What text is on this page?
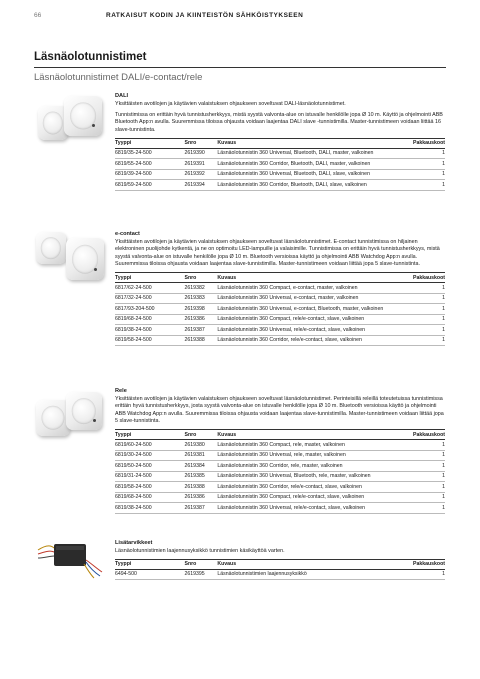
66	RATKAISUT KODIN JA KIINTEISTÖN SÄHKÖISTYKSEEN
Läsnäolotunnistimet
Läsnäolotunnistimet DALI/e-contact/rele
DALI

Yksittäisten avotilojen ja käytävien valaistuksen ohjaukseen soveltuvat DALI-läsnäolotunnistimet.

Tunnistimissa on erittäin hyvä tunnistusherkkyys, mistä syystä valvonta-alue on istuvalle henkilölle jopa Ø 10 m. Käyttö ja ohjelmointi ABB Bluetooth App:n avulla. Suuremmissa tiloissa ohjausta voidaan laajentaa DALI slave -tunnistimilla. Master-tunnistimeen voidaan liittää 16 slave-tunnistinta.

Tyyppi	Snro	Kuvaus	Pakkauskoot
6819/35-24-500	2619390	Läsnäolotunnistin 360 Universal, Bluetooth, DALI, master, valkoinen	1
6819/55-24-500	2619391	Läsnäolotunnistin 360 Corridor, Bluetooth, DALI, master, valkoinen	1
6819/39-24-500	2619392	Läsnäolotunnistin 360 Universal, Bluetooth, DALI, slave, valkoinen	1
6819/59-24-500	2619394	Läsnäolotunnistin 360 Corridor, Bluetooth, DALI, slave, valkoinen	1
e-contact

Yksittäisten avotilojen ja käytävien valaistuksen ohjaukseen soveltuvat läsnäolotunnistimet. E-contact tunnistimissa on hiljainen elektroninen puolijohde kytkentä, ja ne on optimoitu LED-lampuille ja valaisimille. Tunnistimissa on erittäin hyvä tunnistusherkkyys, mistä syystä valvonta-alue on istuvalle henkilölle jopa Ø 10 m. Bluetooth versioissa käyttö ja ohjelmointi ABB Watchdog App:n avulla. Suuremmissa tiloissa ohjausta voidaan laajentaa slave-tunnistimilla. Master-tunnistimeen voidaan liittää jopa 5 slave-tunnistinta.

Tyyppi	Snro	Kuvaus	Pakkauskoot
6817/62-24-500	2619382	Läsnäolotunnistin 360 Compact, e-contact, master, valkoinen	1
6817/32-24-500	2619383	Läsnäolotunnistin 360 Universal, e-contact, master, valkoinen	1
6817/93-204-500	2619398	Läsnäolotunnistin 360 Universal, e-contact, Bluetooth, master, valkoinen	1
6819/68-24-500	2619386	Läsnäolotunnistin 360 Compact, rele/e-contact, slave, valkoinen	1
6819/38-24-500	2619387	Läsnäolotunnistin 360 Universal, rele/e-contact, slave, valkoinen	1
6819/58-24-500	2619388	Läsnäolotunnistin 360 Corridor, rele/e-contact, slave, valkoinen	1
Rele

Yksittäisten avotilojen ja käytävien valaistuksen ohjaukseen soveltuvat läsnäolotunnistimet. Perinteisillä releillä toteutetuissa tunnistimissa erittäin hyvä tunnistusherkkyys, josta syystä valvonta-alue on istuvalle henkilölle jopa Ø 10 m. Bluetooth versioissa käyttö ja ohjelmointi ABB Watchdog App:n avulla. Suuremmissa tiloissa ohjausta voidaan laajentaa slave-tunnistimilla. Master-tunnistimeen voidaan liittää jopa 5 slave-tunnistinta.

Tyyppi	Snro	Kuvaus	Pakkauskoot
6819/60-24-500	2619380	Läsnäolotunnistin 360 Compact, rele, master, valkoinen	1
6819/30-24-500	2619381	Läsnäolotunnistin 360 Universal, rele, master, valkoinen	1
6819/50-24-500	2619384	Läsnäolotunnistin 360 Corridor, rele, master, valkoinen	1
6819/31-24-500	2619385	Läsnäolotunnistin 360 Universal, Bluetooth, rele, master, valkoinen	1
6819/58-24-500	2619388	Läsnäolotunnistin 360 Corridor, rele/e-contact, slave, valkoinen	1
6819/68-24-500	2619386	Läsnäolotunnistin 360 Compact, rele/e-contact, slave, valkoinen	1
6819/38-24-500	2619387	Läsnäolotunnistin 360 Universal, rele/e-contact, slave, valkoinen	1
Lisätarvikkeet

Läsnäolotunnistimien laajennusyksikkö tunnistimien käsikäyttöä varten.

Tyyppi	Snro	Kuvaus	Pakkauskoot
6494-500	2619395	Läsnäolotunnistimien laajennusyksikkö	1
